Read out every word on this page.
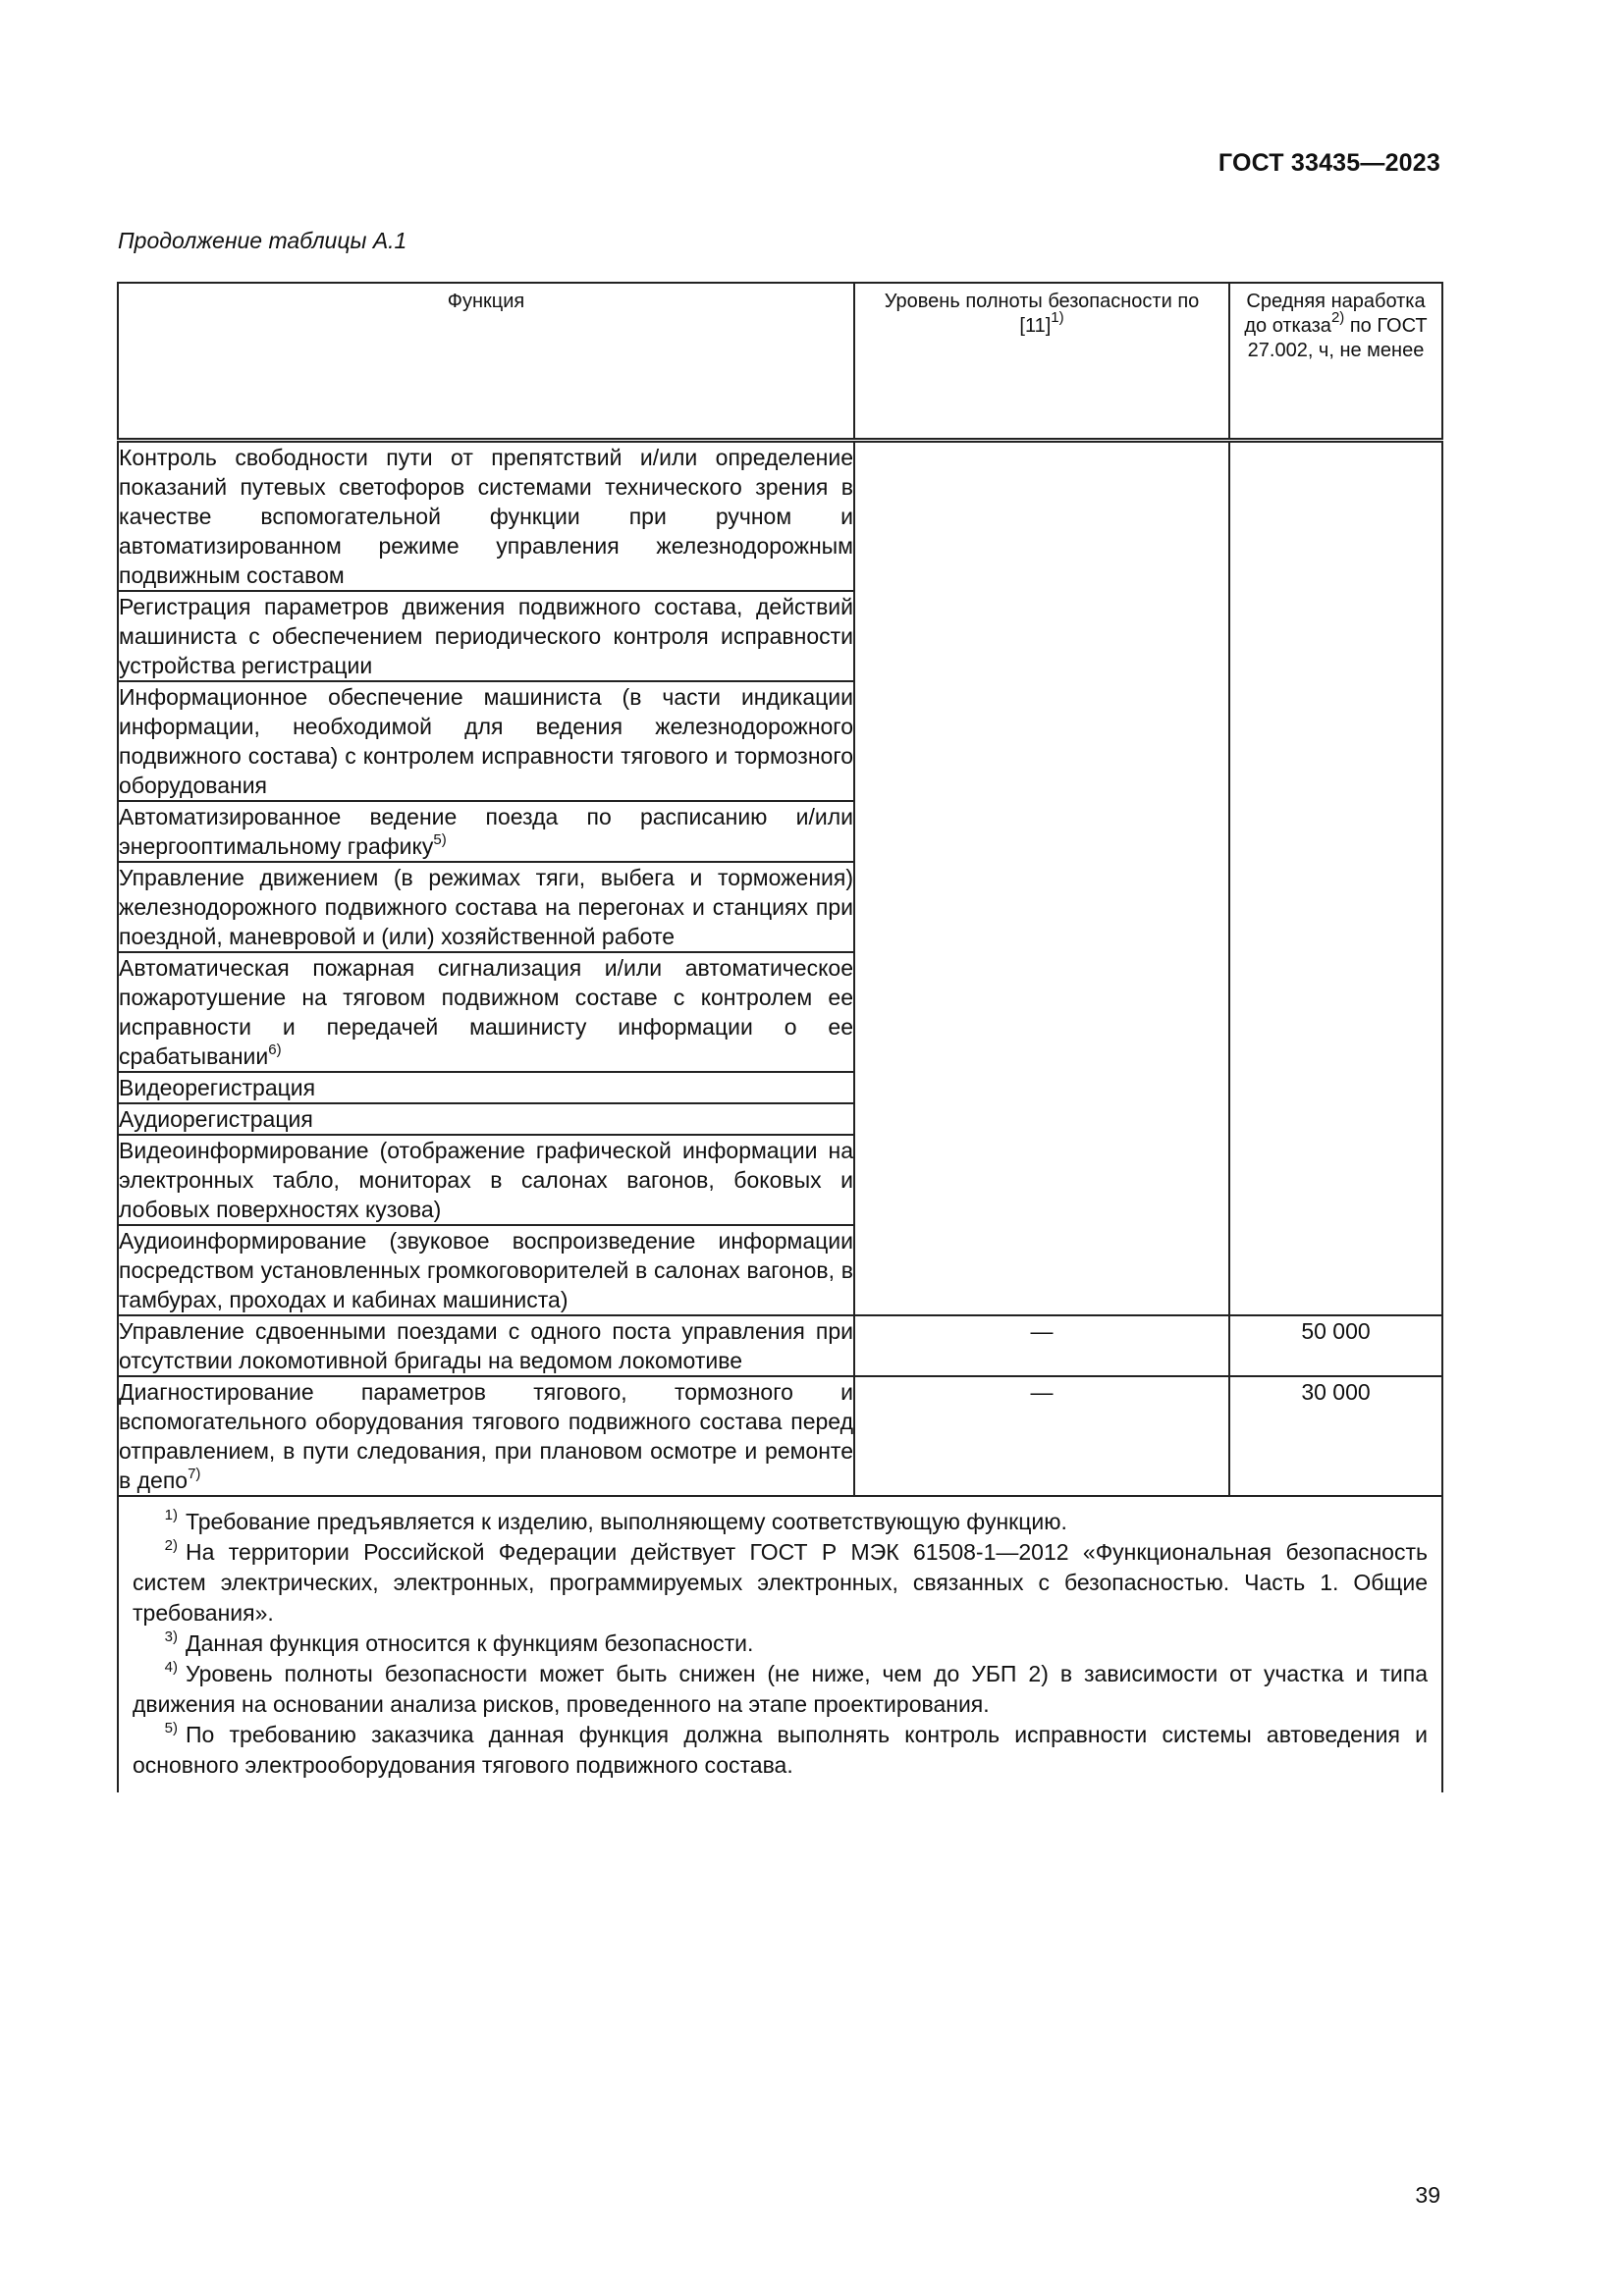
ГОСТ 33435—2023
Продолжение таблицы А.1
Функция	Уровень полноты безопасности по $[11]^{1)}$	Средняя наработка до отказа$^{2)}$ по ГОСТ 27.002, ч, не менее

Контроль свободности пути от препятствий и/или определение показаний путевых светофоров системами технического зрения в качестве вспомогательной функции при ручном и автоматизированном режиме управления железнодорожным подвижным составом		

Регистрация параметров движения подвижного состава, действий машиниста с обеспечением периодического контроля исправности устройства регистрации		

Информационное обеспечение машиниста (в части индикации информации, необходимой для ведения железнодорожного подвижного состава) с контролем исправности тягового и тормозного оборудования		

Автоматизированное ведение поезда по расписанию и/или энергооптимальному графику$^{5)}$

Управление движением (в режимах тяги, выбега и торможения) железнодорожного подвижного состава на перегонах и станциях при поездной, маневровой и (или) хозяйственной работе		

Автоматическая пожарная сигнализация и/или автоматическое пожаротушение на тяговом подвижном составе с контролем ее исправности и передачей машинисту информации о ее срабатывании$^{6)}$

Видеорегистрация		

Аудиорегистрация		

Видеоинформирование (отображение графической информации на электронных табло, мониторах в салонах вагонов, боковых и лобовых поверхностях кузова)		

Аудиоинформирование (звуковое воспроизведение информации посредством установленных громкоговорителей в салонах вагонов, в тамбурах, проходах и кабинах машиниста)		

Управление сдвоенными поездами с одного поста управления при отсутствии локомотивной бригады на ведомом локомотиве	—	50 000

Диагностирование параметров тягового, тормозного и вспомогательного оборудования тягового подвижного состава перед отправлением, в пути следования, при плановом осмотре и ремонте в депо$^{7)}$	—	30 000

$^{1)}$ Требование предъявляется к изделию, выполняющему соответствующую функцию.

$^{2)}$ На территории Российской Федерации действует ГОСТ Р МЭК 61508-1—2012 «Функциональная безопасность систем электрических, электронных, программируемых электронных, связанных с безопасностью. Часть 1. Общие требования».

$^{3)}$ Данная функция относится к функциям безопасности.

$^{4)}$ Уровень полноты безопасности может быть снижен (не ниже, чем до УБП 2) в зависимости от участка и типа движения на основании анализа рисков, проведенного на этапе проектирования.

$^{5)}$ По требованию заказчика данная функция должна выполнять контроль исправности системы автоведения и основного электрооборудования тягового подвижного состава.		

39
